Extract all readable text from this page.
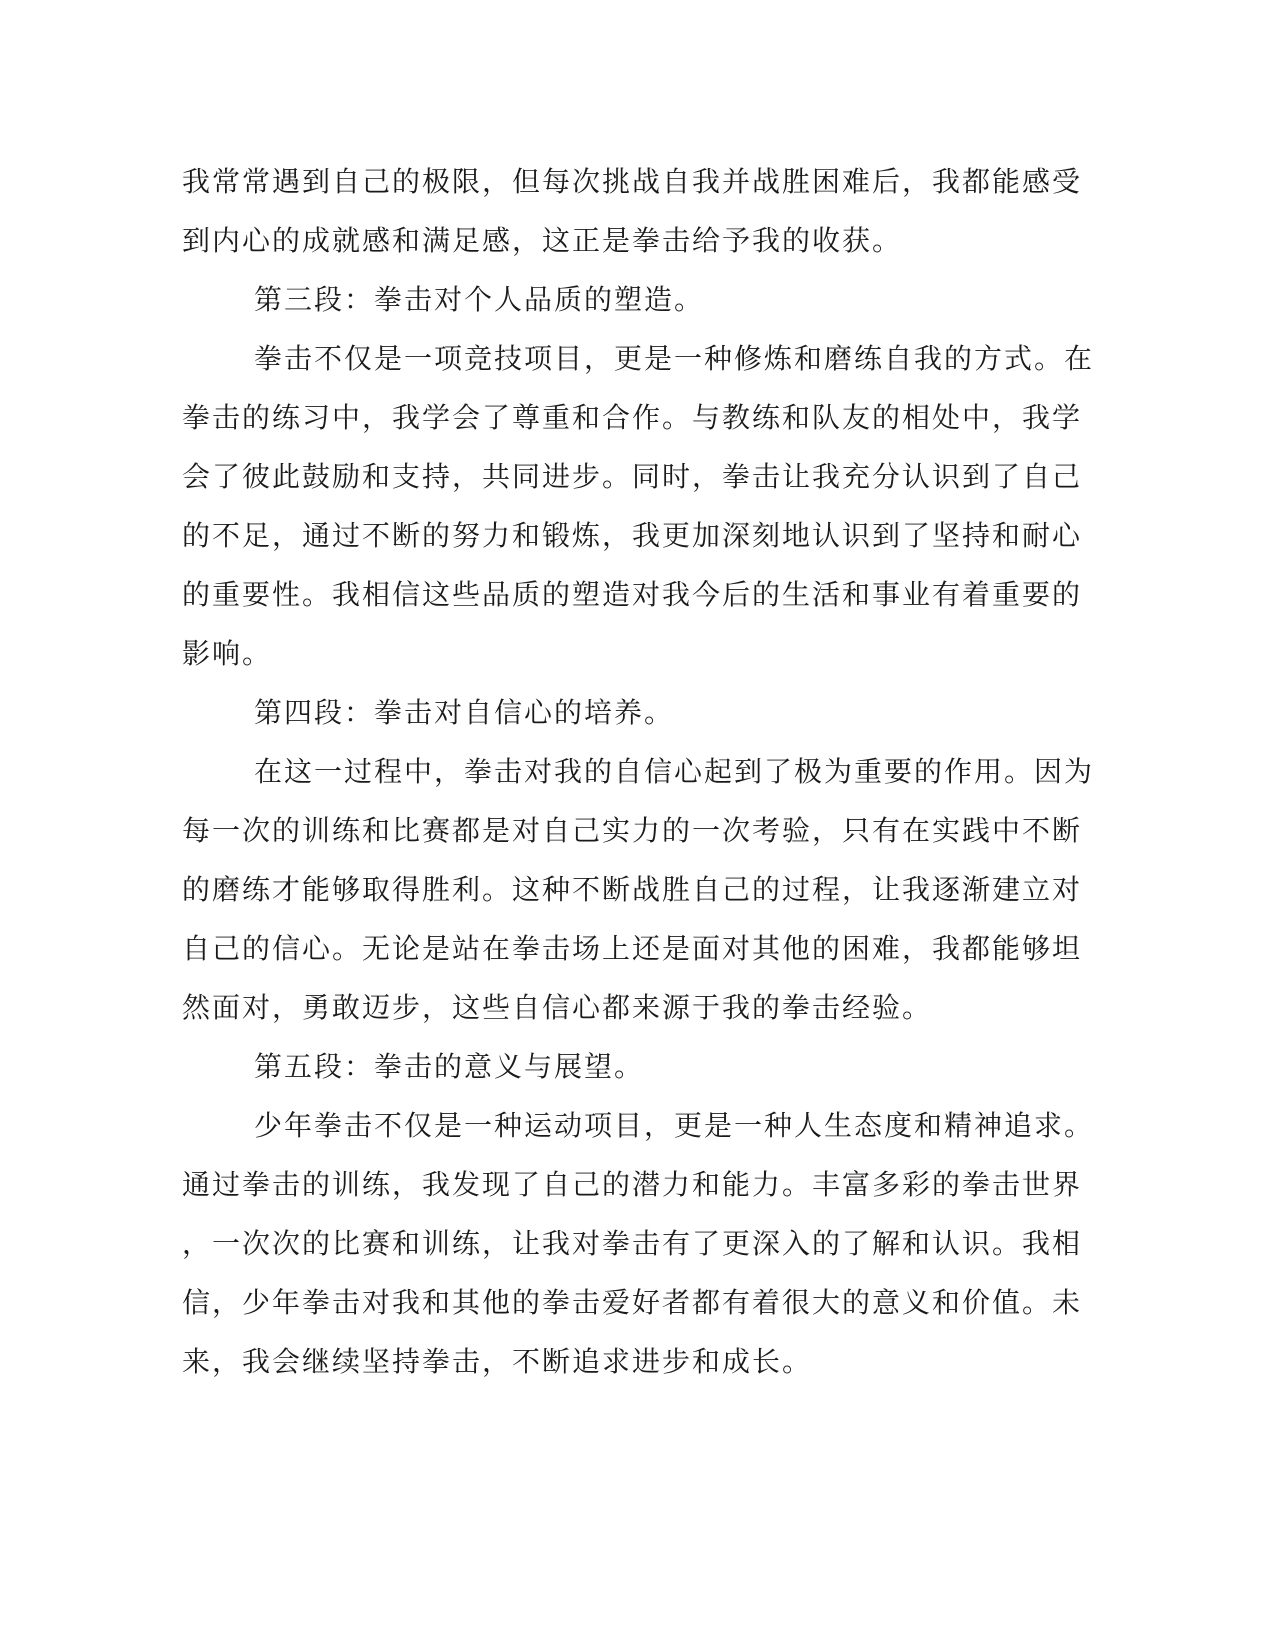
我常常遇到自己的极限，但每次挑战自我并战胜困难后，我都能感受
到内心的成就感和满足感，这正是拳击给予我的收获。
第三段：拳击对个人品质的塑造。
拳击不仅是一项竞技项目，更是一种修炼和磨练自我的方式。在
拳击的练习中，我学会了尊重和合作。与教练和队友的相处中，我学
会了彼此鼓励和支持，共同进步。同时，拳击让我充分认识到了自己
的不足，通过不断的努力和锻炼，我更加深刻地认识到了坚持和耐心
的重要性。我相信这些品质的塑造对我今后的生活和事业有着重要的
影响。
第四段：拳击对自信心的培养。
在这一过程中，拳击对我的自信心起到了极为重要的作用。因为
每一次的训练和比赛都是对自己实力的一次考验，只有在实践中不断
的磨练才能够取得胜利。这种不断战胜自己的过程，让我逐渐建立对
自己的信心。无论是站在拳击场上还是面对其他的困难，我都能够坦
然面对，勇敢迈步，这些自信心都来源于我的拳击经验。
第五段：拳击的意义与展望。
少年拳击不仅是一种运动项目，更是一种人生态度和精神追求。
通过拳击的训练，我发现了自己的潜力和能力。丰富多彩的拳击世界
，一次次的比赛和训练，让我对拳击有了更深入的了解和认识。我相
信，少年拳击对我和其他的拳击爱好者都有着很大的意义和价值。未
来，我会继续坚持拳击，不断追求进步和成长。
